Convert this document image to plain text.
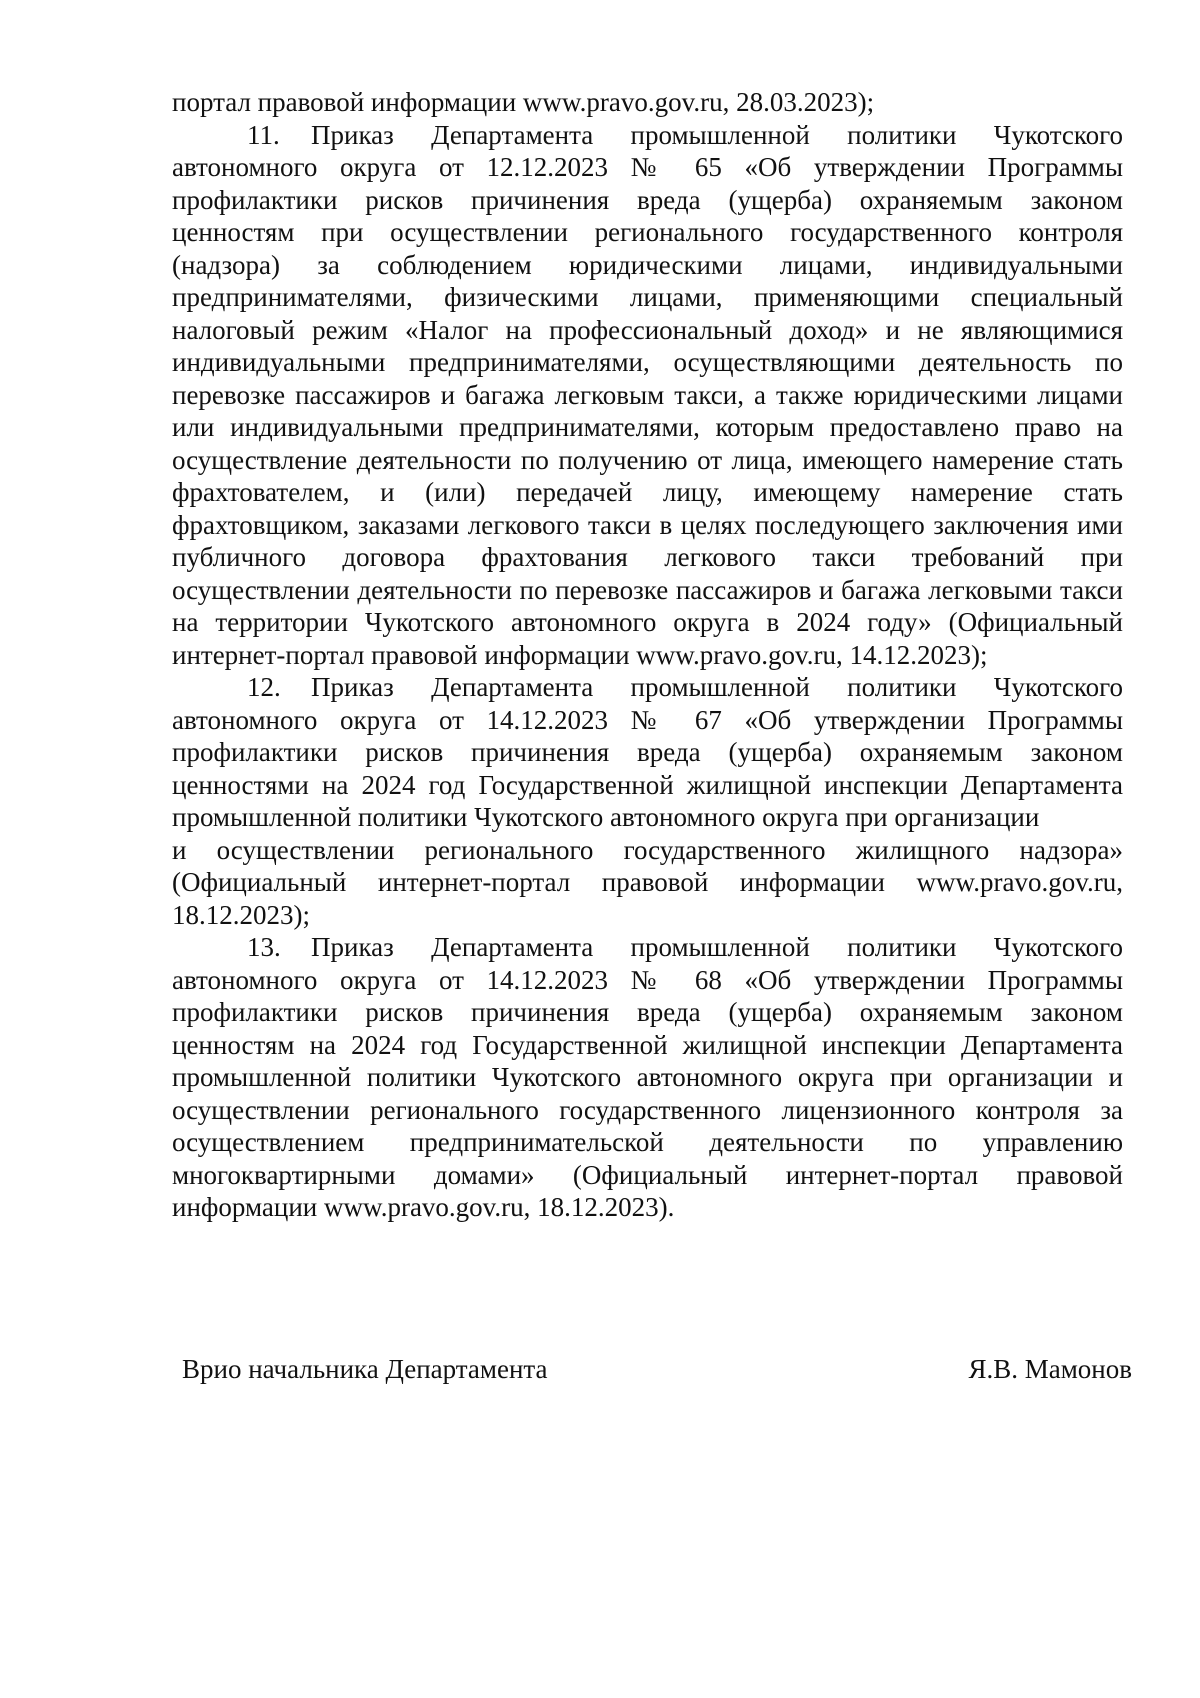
портал правовой информации www.pravo.gov.ru, 28.03.2023);

11. Приказ Департамента промышленной политики Чукотского автономного округа от 12.12.2023 № 65 «Об утверждении Программы профилактики рисков причинения вреда (ущерба) охраняемым законом ценностям при осуществлении регионального государственного контроля (надзора) за соблюдением юридическими лицами, индивидуальными предпринимателями, физическими лицами, применяющими специальный налоговый режим «Налог на профессиональный доход» и не являющимися индивидуальными предпринимателями, осуществляющими деятельность по перевозке пассажиров и багажа легковым такси, а также юридическими лицами или индивидуальными предпринимателями, которым предоставлено право на осуществление деятельности по получению от лица, имеющего намерение стать фрахтователем, и (или) передачей лицу, имеющему намерение стать фрахтовщиком, заказами легкового такси в целях последующего заключения ими публичного договора фрахтования легкового такси требований при осуществлении деятельности по перевозке пассажиров и багажа легковыми такси на территории Чукотского автономного округа в 2024 году» (Официальный интернет-портал правовой информации www.pravo.gov.ru, 14.12.2023);

12. Приказ Департамента промышленной политики Чукотского автономного округа от 14.12.2023 № 67 «Об утверждении Программы профилактики рисков причинения вреда (ущерба) охраняемым законом ценностями на 2024 год Государственной жилищной инспекции Департамента промышленной политики Чукотского автономного округа при организации

и осуществлении регионального государственного жилищного надзора» (Официальный интернет-портал правовой информации www.pravo.gov.ru, 18.12.2023);

13. Приказ Департамента промышленной политики Чукотского автономного округа от 14.12.2023 № 68 «Об утверждении Программы профилактики рисков причинения вреда (ущерба) охраняемым законом ценностям на 2024 год Государственной жилищной инспекции Департамента промышленной политики Чукотского автономного округа при организации и осуществлении регионального государственного лицензионного контроля за осуществлением предпринимательской деятельности по управлению многоквартирными домами» (Официальный интернет-портал правовой информации www.pravo.gov.ru, 18.12.2023).

Врио начальника Департамента	Я.В. Мамонов
